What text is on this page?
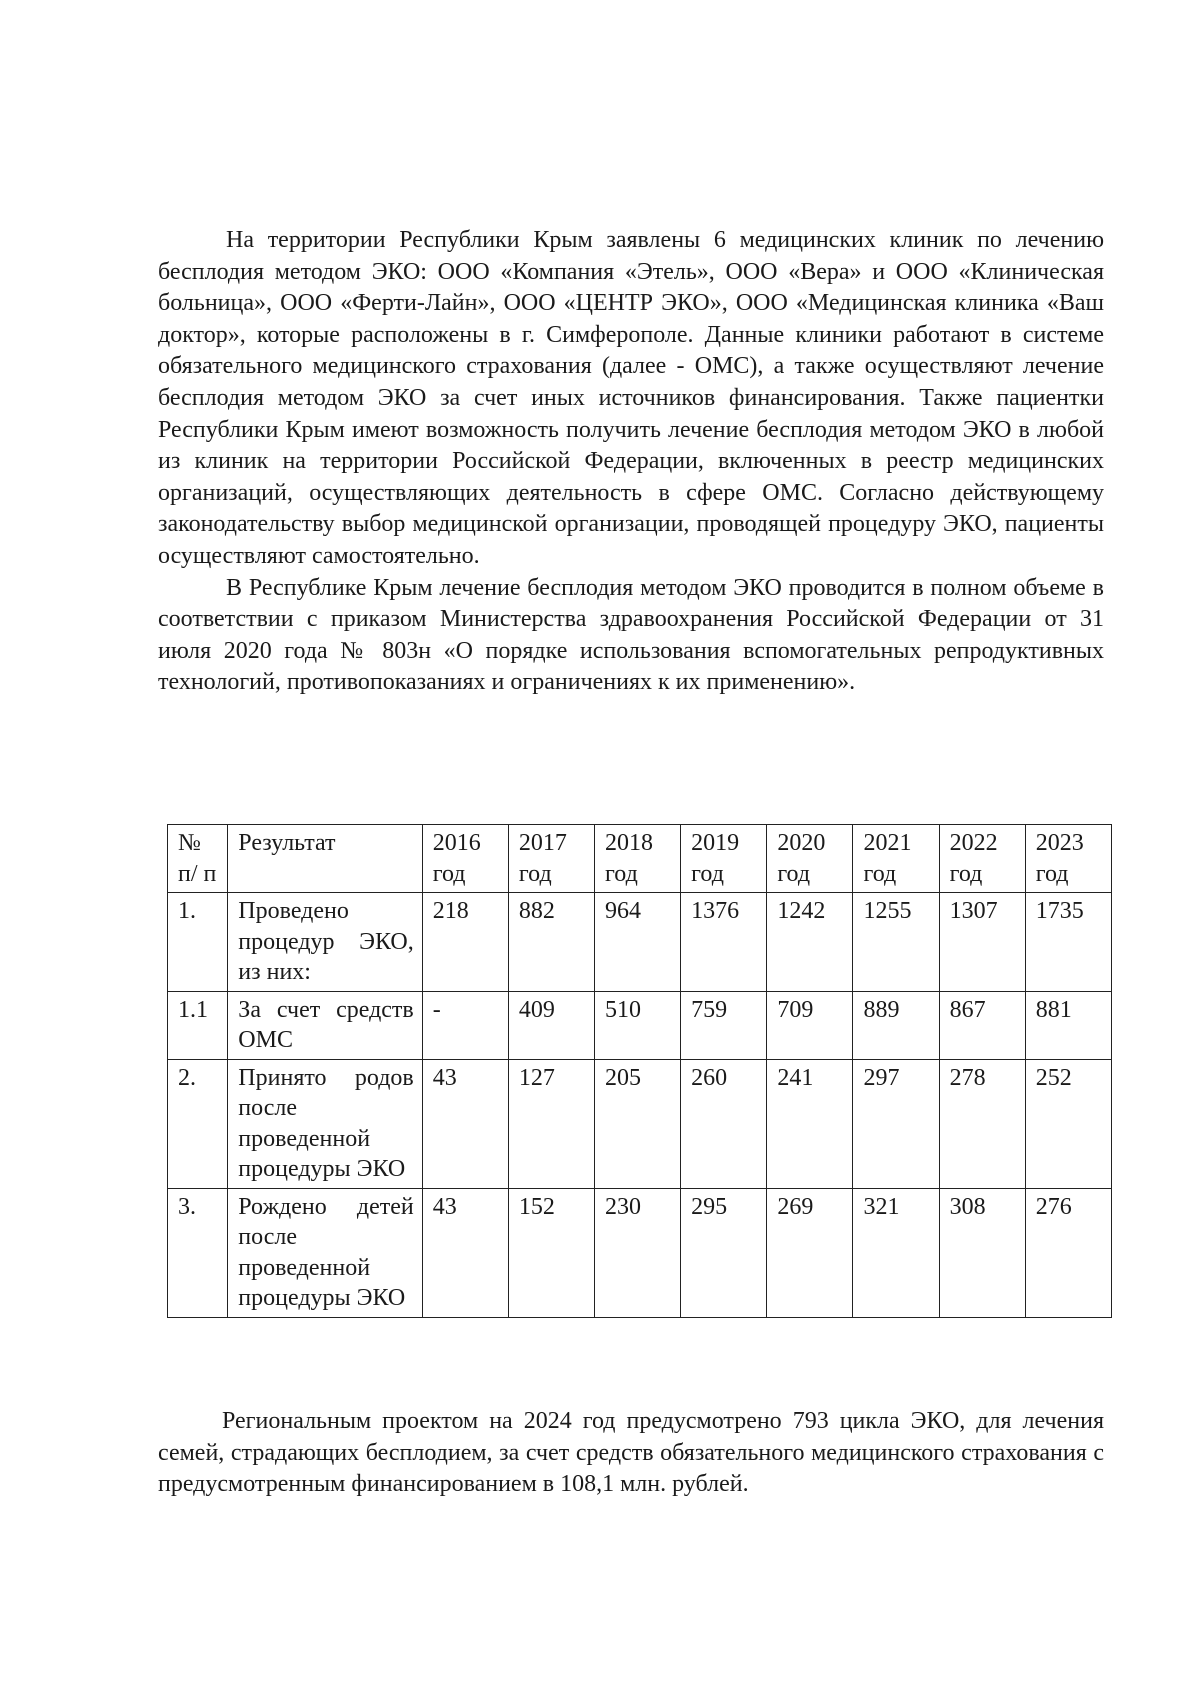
На территории Республики Крым заявлены 6 медицинских клиник по лечению бесплодия методом ЭКО: ООО «Компания «Этель», ООО «Вера» и ООО «Клиническая больница», ООО «Ферти-Лайн», ООО «ЦЕНТР ЭКО», ООО «Медицинская клиника «Ваш доктор», которые расположены в г. Симферополе. Данные клиники работают в системе обязательного медицинского страхования (далее - ОМС), а также осуществляют лечение бесплодия методом ЭКО за счет иных источников финансирования. Также пациентки Республики Крым имеют возможность получить лечение бесплодия методом ЭКО в любой из клиник на территории Российской Федерации, включенных в реестр медицинских организаций, осуществляющих деятельность в сфере ОМС. Согласно действующему законодательству выбор медицинской организации, проводящей процедуру ЭКО, пациенты осуществляют самостоятельно.

В Республике Крым лечение бесплодия методом ЭКО проводится в полном объеме в соответствии с приказом Министерства здравоохранения Российской Федерации от 31 июля 2020 года № 803н «О порядке использования вспомогательных репродуктивных технологий, противопоказаниях и ограничениях к их применению».

№ п/ п	Результат	2016 год	2017 год	2018 год	2019 год	2020 год	2021 год	2022 год	2023 год
1.	Проведено процедур ЭКО, из них:	218	882	964	1376	1242	1255	1307	1735
1.1	За счет средств ОМС	-	409	510	759	709	889	867	881
2.	Принято родов после проведенной процедуры ЭКО	43	127	205	260	241	297	278	252
3.	Рождено детей после проведенной процедуры ЭКО	43	152	230	295	269	321	308	276

Региональным проектом на 2024 год предусмотрено 793 цикла ЭКО, для лечения семей, страдающих бесплодием, за счет средств обязательного медицинского страхования с предусмотренным финансированием в 108,1 млн. рублей.
